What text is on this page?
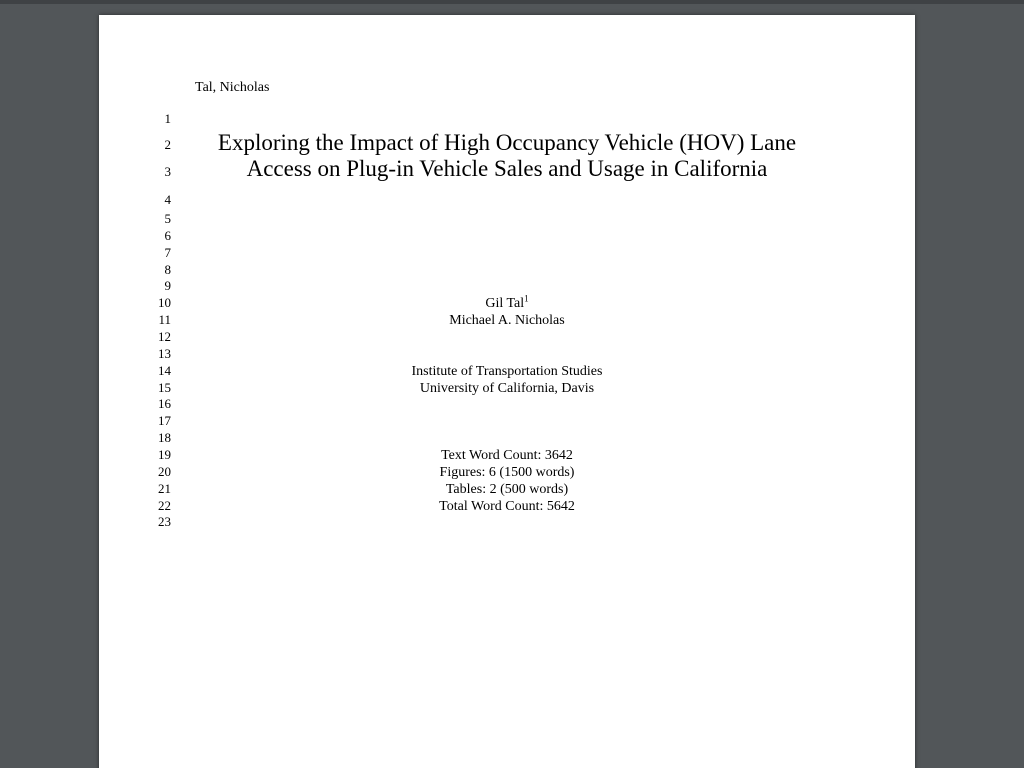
Tal, Nicholas
1
2
3
4
5
6
7
8
9
10
11
12
13
14
15
16
17
18
19
20
21
22
23
Exploring the Impact of High Occupancy Vehicle (HOV) Lane
Access on Plug-in Vehicle Sales and Usage in California
Gil Tal$^1$
Michael A. Nicholas
Institute of Transportation Studies
University of California, Davis
Text Word Count: 3642
Figures: 6 (1500 words)
Tables: 2 (500 words)
Total Word Count: 5642
